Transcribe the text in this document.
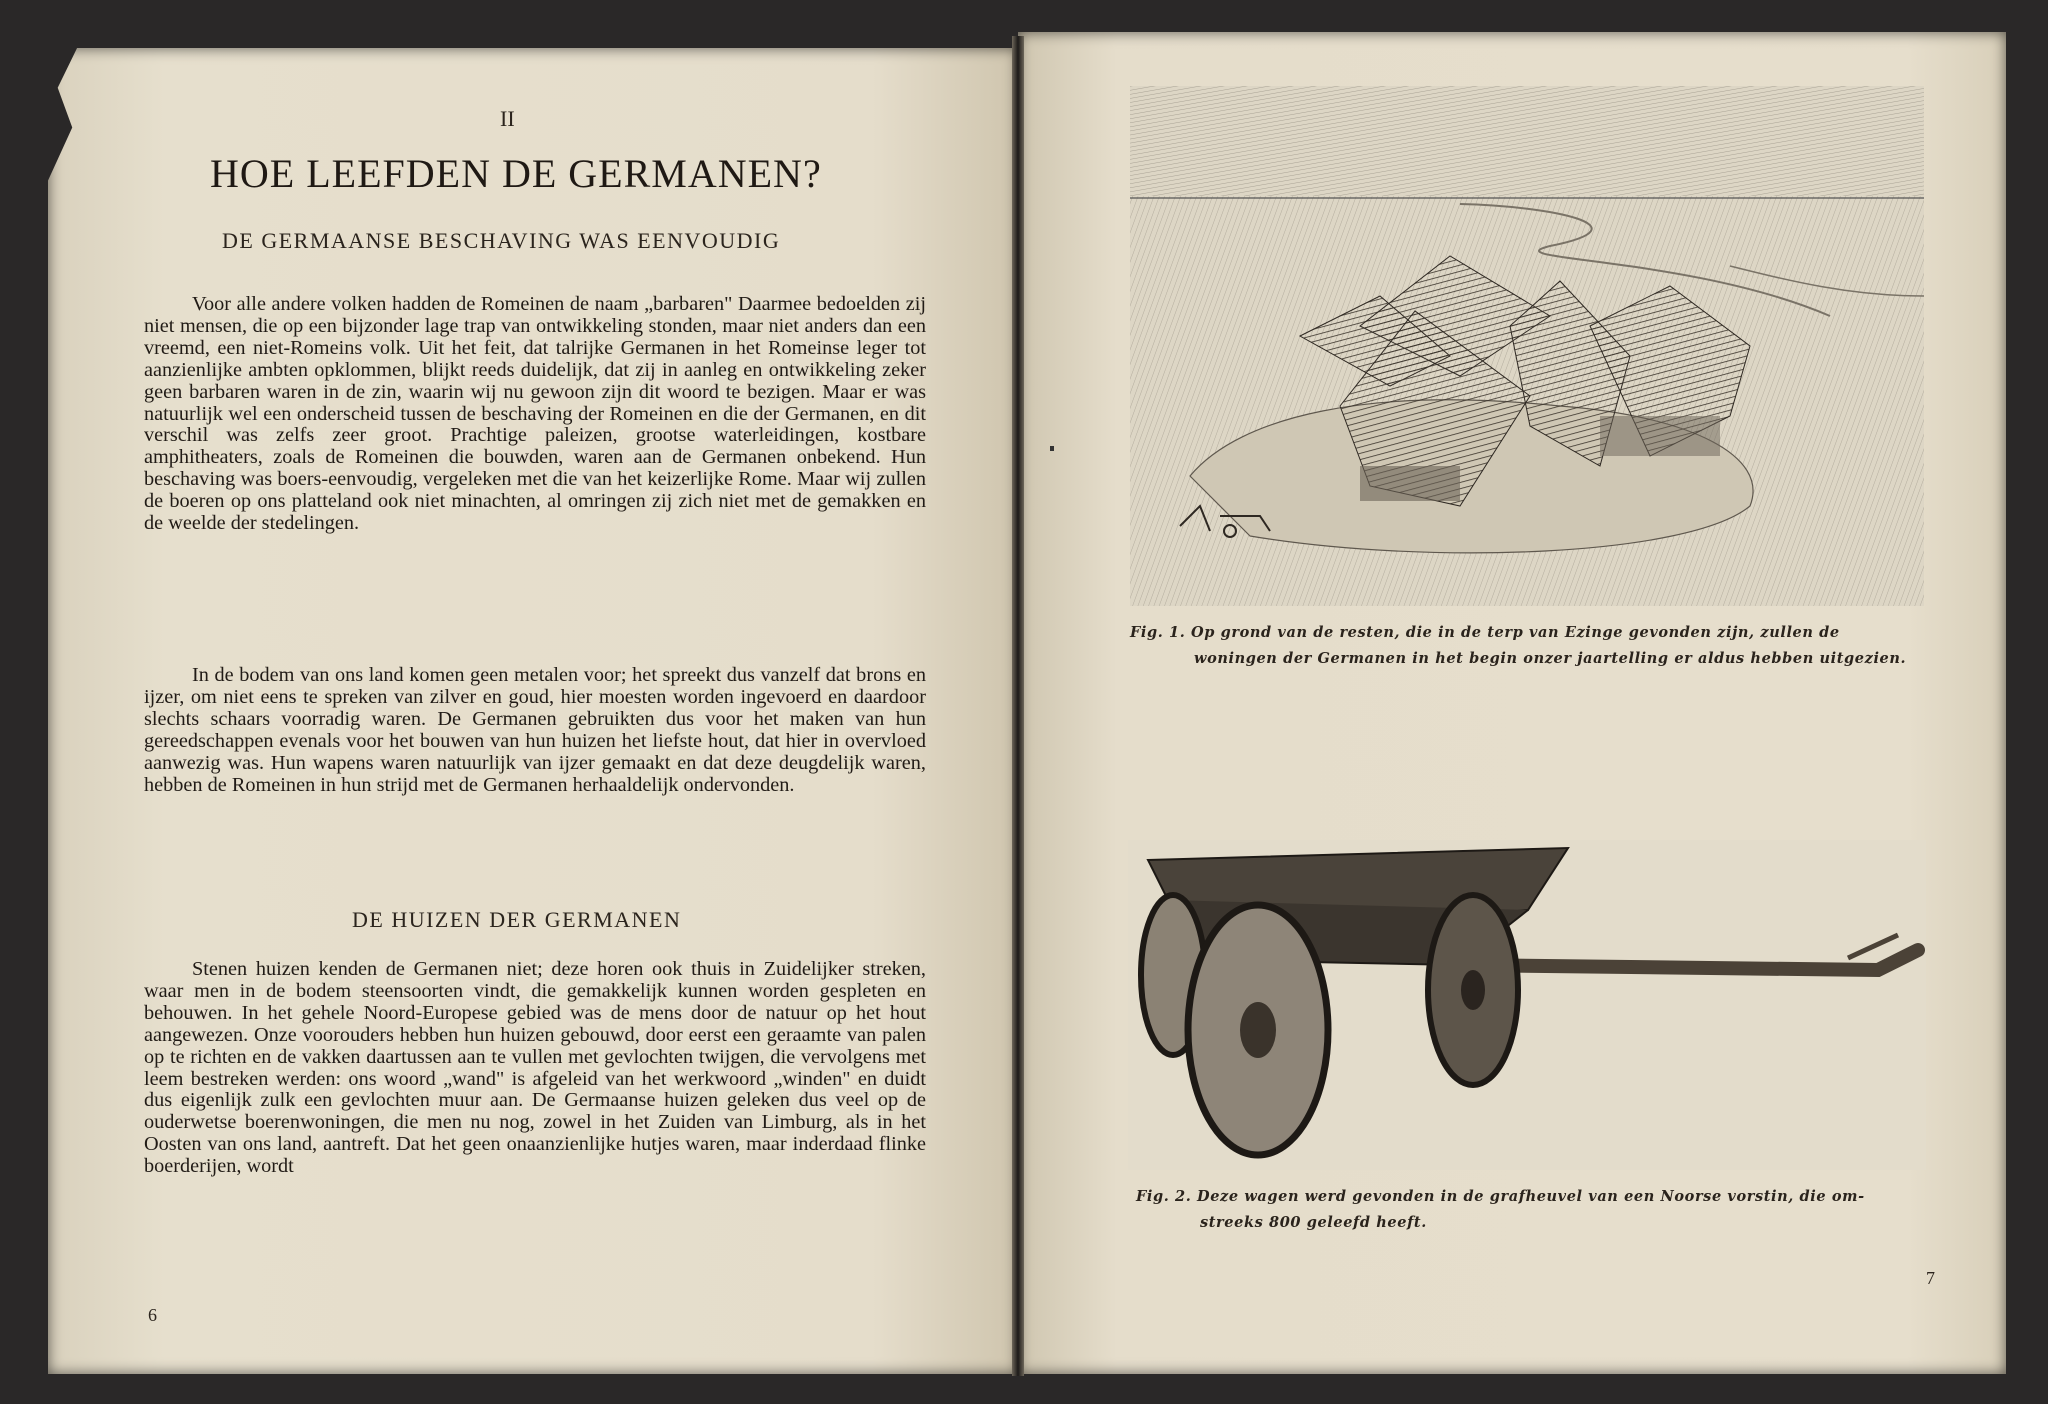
II
HOE LEEFDEN DE GERMANEN?
DE GERMAANSE BESCHAVING WAS EENVOUDIG

Voor alle andere volken hadden de Romeinen de naam „barbaren" Daarmee bedoelden zij niet mensen, die op een bijzonder lage trap van ontwikkeling stonden, maar niet anders dan een vreemd, een niet-Romeins volk. Uit het feit, dat talrijke Germanen in het Romeinse leger tot aanzienlijke ambten opklommen, blijkt reeds duidelijk, dat zij in aanleg en ontwikkeling zeker geen barbaren waren in de zin, waarin wij nu gewoon zijn dit woord te bezigen. Maar er was natuurlijk wel een onderscheid tussen de beschaving der Romeinen en die der Germanen, en dit verschil was zelfs zeer groot. Prachtige paleizen, grootse waterleidingen, kostbare amphitheaters, zoals de Romeinen die bouwden, waren aan de Germanen onbekend. Hun beschaving was boers-eenvoudig, vergeleken met die van het keizerlijke Rome. Maar wij zullen de boeren op ons platteland ook niet minachten, al omringen zij zich niet met de gemakken en de weelde der stedelingen.

In de bodem van ons land komen geen metalen voor; het spreekt dus vanzelf dat brons en ijzer, om niet eens te spreken van zilver en goud, hier moesten worden ingevoerd en daardoor slechts schaars voorradig waren. De Germanen gebruikten dus voor het maken van hun gereedschappen evenals voor het bouwen van hun huizen het liefste hout, dat hier in overvloed aanwezig was. Hun wapens waren natuurlijk van ijzer gemaakt en dat deze deugdelijk waren, hebben de Romeinen in hun strijd met de Germanen herhaaldelijk ondervonden.

DE HUIZEN DER GERMANEN

Stenen huizen kenden de Germanen niet; deze horen ook thuis in Zuidelijker streken, waar men in de bodem steensoorten vindt, die gemakkelijk kunnen worden gespleten en behouwen. In het gehele Noord-Europese gebied was de mens door de natuur op het hout aangewezen. Onze voorouders hebben hun huizen gebouwd, door eerst een geraamte van palen op te richten en de vakken daartussen aan te vullen met gevlochten twijgen, die vervolgens met leem bestreken werden: ons woord „wand" is afgeleid van het werkwoord „winden" en duidt dus eigenlijk zulk een gevlochten muur aan. De Germaanse huizen geleken dus veel op de ouderwetse boerenwoningen, die men nu nog, zowel in het Zuiden van Limburg, als in het Oosten van ons land, aantreft. Dat het geen onaanzienlijke hutjes waren, maar inderdaad flinke boerderijen, wordt

6

Fig. 1. Op grond van de resten, die in de terp van Ezinge gevonden zijn, zullen de
woningen der Germanen in het begin onzer jaartelling er aldus hebben uitgezien.

Fig. 2. Deze wagen werd gevonden in de grafheuvel van een Noorse vorstin, die om-
streeks 800 geleefd heeft.

7
